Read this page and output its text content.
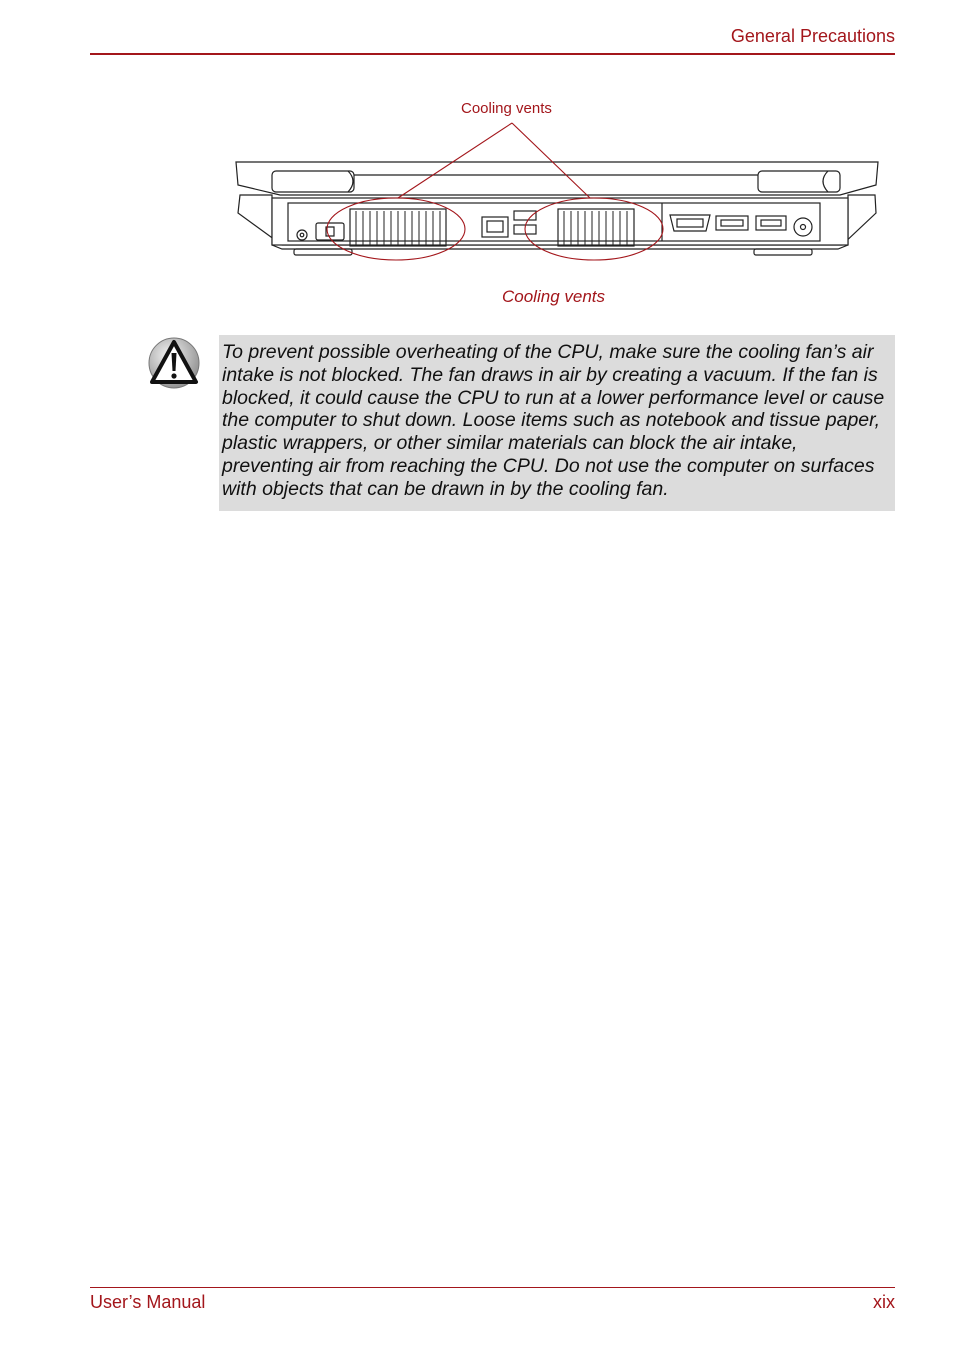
General Precautions
Cooling vents
Cooling vents

To prevent possible overheating of the CPU, make sure the cooling fan’s air intake is not blocked. The fan draws in air by creating a vacuum. If the fan is blocked, it could cause the CPU to run at a lower performance level or cause the computer to shut down. Loose items such as notebook and tissue paper, plastic wrappers, or other similar materials can block the air intake, preventing air from reaching the CPU. Do not use the computer on surfaces with objects that can be drawn in by the cooling fan.

User’s Manual	xix
